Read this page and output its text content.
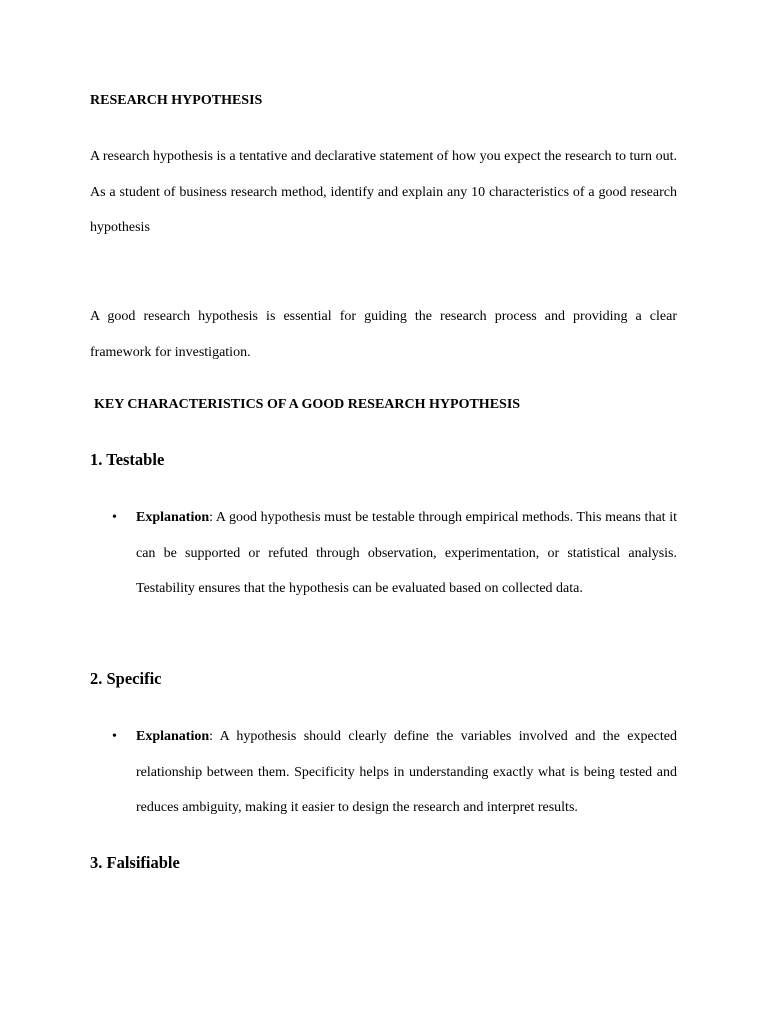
RESEARCH HYPOTHESIS

A research hypothesis is a tentative and declarative statement of how you expect the research to turn out. As a student of business research method, identify and explain any 10 characteristics of a good research hypothesis

A good research hypothesis is essential for guiding the research process and providing a clear framework for investigation.

KEY CHARACTERISTICS OF A GOOD RESEARCH HYPOTHESIS

1. Testable

• Explanation: A good hypothesis must be testable through empirical methods. This means that it can be supported or refuted through observation, experimentation, or statistical analysis. Testability ensures that the hypothesis can be evaluated based on collected data.

2. Specific

• Explanation: A hypothesis should clearly define the variables involved and the expected relationship between them. Specificity helps in understanding exactly what is being tested and reduces ambiguity, making it easier to design the research and interpret results.

3. Falsifiable
